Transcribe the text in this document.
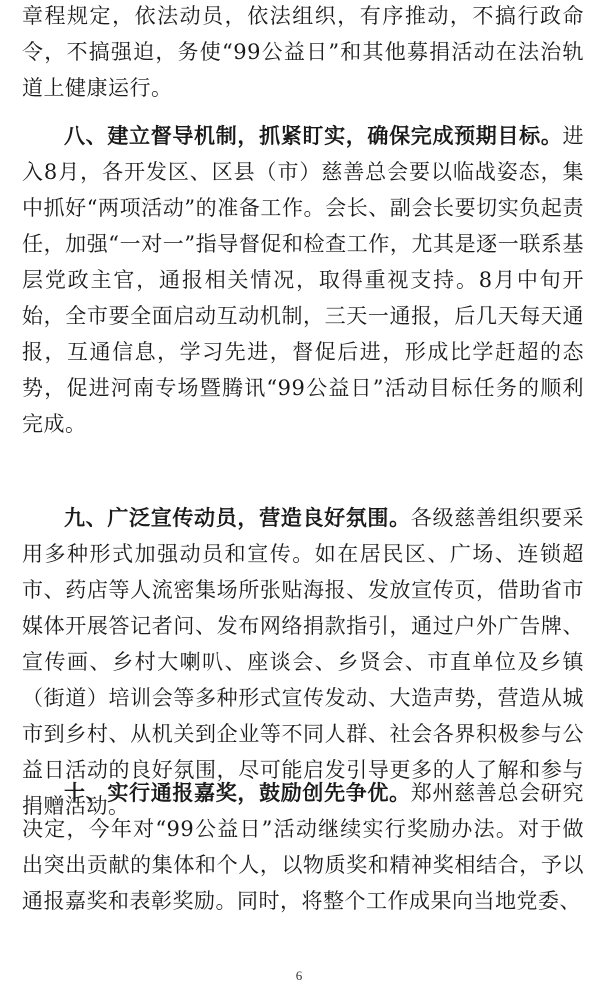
章程规定，依法动员，依法组织，有序推动，不搞行政命令，不搞强迫，务使“99公益日”和其他募捐活动在法治轨道上健康运行。

八、建立督导机制，抓紧盯实，确保完成预期目标。进入8月，各开发区、区县（市）慈善总会要以临战姿态，集中抓好“两项活动”的准备工作。会长、副会长要切实负起责任，加强“一对一”指导督促和检查工作，尤其是逐一联系基层党政主官，通报相关情况，取得重视支持。8月中旬开始，全市要全面启动互动机制，三天一通报，后几天每天通报，互通信息，学习先进，督促后进，形成比学赶超的态势，促进河南专场暨腾讯“99公益日”活动目标任务的顺利完成。

九、广泛宣传动员，营造良好氛围。各级慈善组织要采用多种形式加强动员和宣传。如在居民区、广场、连锁超市、药店等人流密集场所张贴海报、发放宣传页，借助省市媒体开展答记者问、发布网络捐款指引，通过户外广告牌、宣传画、乡村大喇叭、座谈会、乡贤会、市直单位及乡镇（街道）培训会等多种形式宣传发动、大造声势，营造从城市到乡村、从机关到企业等不同人群、社会各界积极参与公益日活动的良好氛围，尽可能启发引导更多的人了解和参与捐赠活动。

十、实行通报嘉奖，鼓励创先争优。郑州慈善总会研究决定，今年对“99公益日”活动继续实行奖励办法。对于做出突出贡献的集体和个人，以物质奖和精神奖相结合，予以通报嘉奖和表彰奖励。同时，将整个工作成果向当地党委、

6
